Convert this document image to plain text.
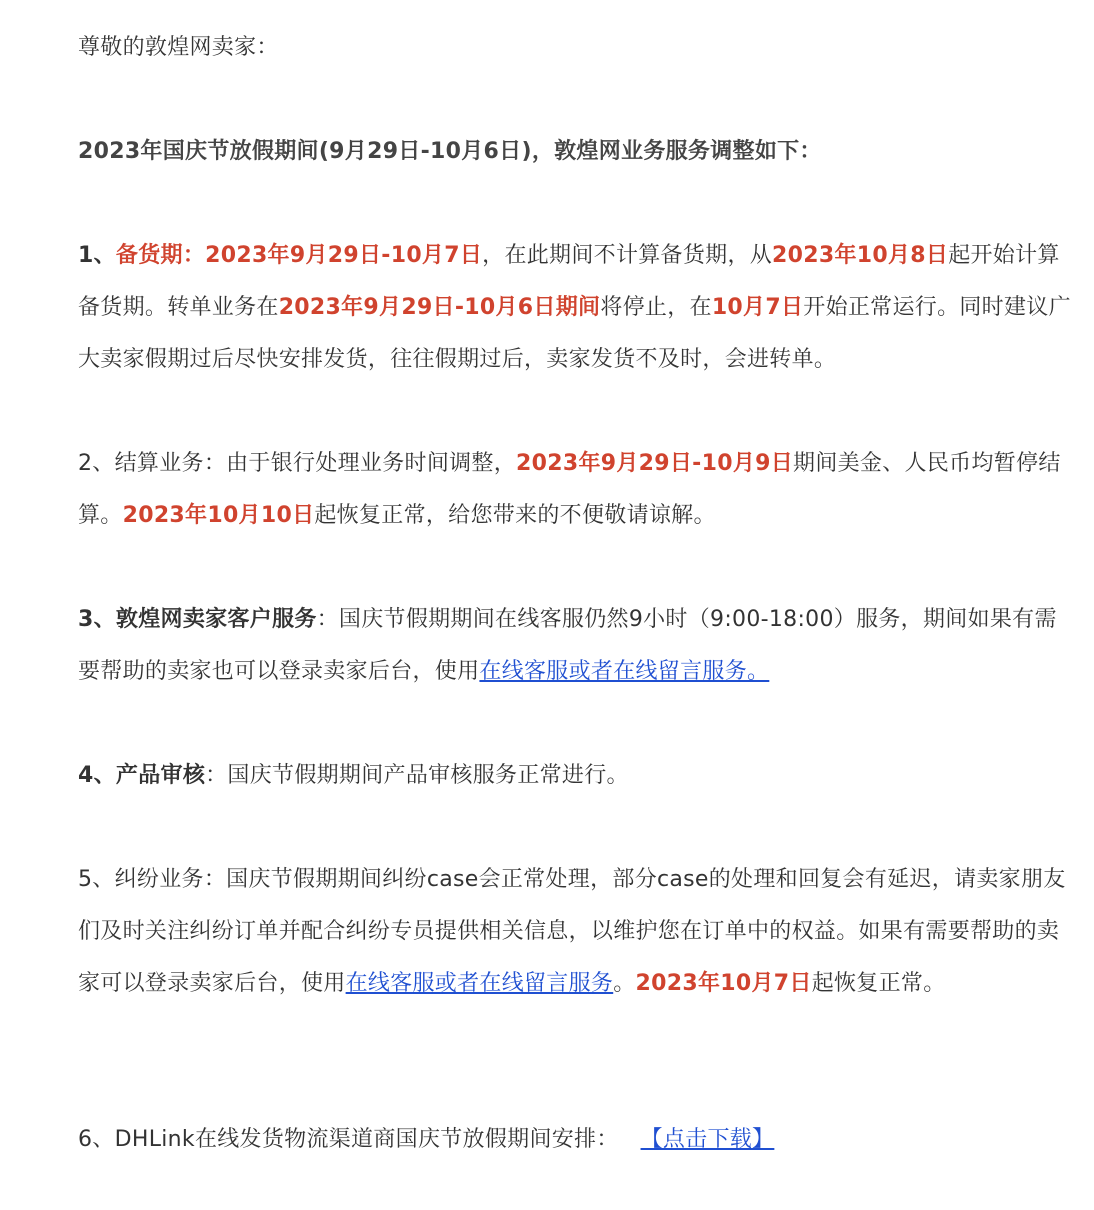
尊敬的敦煌网卖家：

2023年国庆节放假期间(9月29日-10月6日)，敦煌网业务服务调整如下：

1、备货期：2023年9月29日-10月7日，在此期间不计算备货期，从2023年10月8日起开始计算备货期。转单业务在2023年9月29日-10月6日期间将停止，在10月7日开始正常运行。同时建议广大卖家假期过后尽快安排发货，往往假期过后，卖家发货不及时，会进转单。

2、结算业务：由于银行处理业务时间调整，2023年9月29日-10月9日期间美金、人民币均暂停结算。2023年10月10日起恢复正常，给您带来的不便敬请谅解。

3、敦煌网卖家客户服务：国庆节假期期间在线客服仍然9小时（9:00-18:00）服务，期间如果有需要帮助的卖家也可以登录卖家后台，使用在线客服或者在线留言服务。

4、产品审核：国庆节假期期间产品审核服务正常进行。

5、纠纷业务：国庆节假期期间纠纷case会正常处理，部分case的处理和回复会有延迟，请卖家朋友们及时关注纠纷订单并配合纠纷专员提供相关信息，以维护您在订单中的权益。如果有需要帮助的卖家可以登录卖家后台，使用在线客服或者在线留言服务。2023年10月7日起恢复正常。

6、DHLink在线发货物流渠道商国庆节放假期间安排： 【点击下载】
